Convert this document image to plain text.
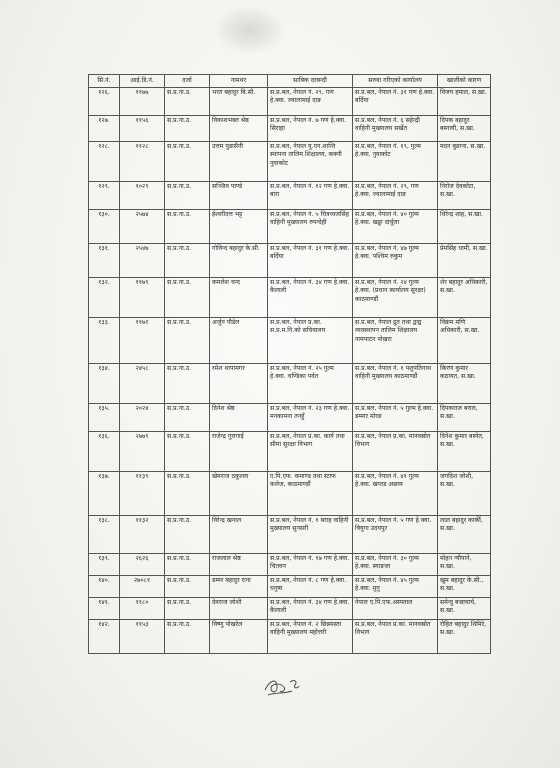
सि.नं.	आई.डि.नं.	दर्जा	नामथर	साबिक दरबन्दी	सरुवा गरिएको कार्यालय	खालीको कारण
१२६.	११७७	स.प्र.ना.उ.	भरत बहादुर बि.सी.	स.प्र.बल, नेपाल नं. २९, गण हे.क्वा. ज्वालामाई दाङ	स.प्र.बल, नेपाल नं. ३१ गण हे.क्वा. बर्दिया	विजय हमाल, स.खा.
१२७.	११५६	स.प्र.ना.उ.	विकाशभक्त श्रेष्ठ	स.प्र.बल, नेपाल नं. ७ गण हे.क्वा. सिराहा	स.प्र.बल, नेपाल नं. ६ सहेन्द्री वाहिनी मुख्यालय सर्खेत	दिपक बहादुर बस्नायी, स.खा.
१२८.	११२८	स.प्र.ना.उ.	उत्तम पुडासैनी	स.प्र.बल, नेपाल यु.एन.शान्ति स्थापना तालिम शिक्षालय, कक्नी नुवाकोट	स.प्र.बल, नेपाल नं. १९, गुल्म हे.क्वा. नुवाकोट	मदन बुङाना, स.खा.
१२९.	१०२९	स.प्र.ना.उ.	सञ्जिव पाण्डे	स.प्र.बल, नेपाल नं. १२ गण हे.क्वा. बारा	स.प्र.बल, नेपाल नं. २९, गण हे.क्वा. ज्वालामाई दाङ	निरोज देवकोटा, स.खा.
१३०.	२५७४	स.प्र.ना.उ.	ईश्वरीदत्त भट्ट	स.प्र.बल, नेपाल नं. ५ चित्रध्वजसिंह वाहिनी मुख्यालय रुपन्देही	स.प्र.बल, नेपाल नं. ४० गुल्म हे.क्वा. खड्डा दार्चुला	धिरेन्द्र शाह, स.खा.
१३१.	२५४७	स.प्र.ना.उ.	गोविन्द बहादुर के.सी.	स.प्र.बल, नेपाल नं. ३१ गण हे.क्वा. बर्दिया	स.प्र.बल, नेपाल नं. ४७ गुल्म हे.क्वा. पश्चिम रुकुम	प्रेमसिंह धामी, स.खा.
१३२.	११७९	स.प्र.ना.उ.	कमलेश चन्द	स.प्र.बल, नेपाल नं. ३४ गण हे.क्वा. कैलाली	स.प्र.बल, नेपाल नं. २४ गुल्म हे.क्वा. (प्रधान कार्यालय सुरक्षा) काठमाण्डौं	शेर बहादुर अधिकारी, स.खा.
१३३.	११७२	स.प्र.ना.उ.	अर्जुन पौडेल	स.प्र.बल, नेपाल प्र.का. स.प्र.म.नि.को सचिवालय	स.प्र.बल, नेपाल द्रुत तथा द्वन्द्व व्यवस्थापन तालिम शिक्षालय नामपाटन पोखरा	विक्रम मणि अधिकारी, स.खा.
१३४.	२४५८	स.प्र.ना.उ.	रमेश थापामगर	स.प्र.बल, नेपाल नं. २५ गुल्म हे.क्वा. चण्डिका पर्वत	स.प्र.बल, नेपाल नं. १ पशुपतिनाथ वाहिनी मुख्यालय काठमाण्डौं	किरण कुमार कठायत, स.खा.
१३५.	२०२४	स.प्र.ना.उ.	दिनेश श्रेष्ठ	स.प्र.बल, नेपाल नं. २३ गण हे.क्वा. मनकामना तनहुँ	स.प्र.बल, नेपाल नं. ५ गुल्म हे.क्वा. डम्मार मोरङ	दिपकराज बराल, स.खा.
१३६.	२७७९	स.प्र.ना.उ.	राजेन्द्र गुरागाई	स.प्र.बल, नेपाल प्र.का. कार्य तथा सीमा सुरक्षा विभाग	स.प्र.बल, नेपाल प्र.का. मानवस्रोत विभाग	दिनेश कुमार बस्नेत, स.खा.
१३७.	११३९	स.प्र.ना.उ.	खेमराज ठकुल्ला	ए.पि.एफ. कमाण्ड तथा स्टाफ कलेज, काठमाण्डौं	स.प्र.बल, नेपाल नं. ४१ गुल्म हे.क्वा. खप्तड अछाम	जगदिश जोशी, स.खा.
१३८.	११३२	स.प्र.ना.उ.	विरेन्द्र खनाल	स.प्र.बल, नेपाल नं. १ बराह वाहिनी मुख्यालय सुनसरी	स.प्र.बल, नेपाल नं. ५ गण हे.क्वा. त्रियुगा उदयपुर	लाल बहादुर कार्की, स.खा.
१३९.	२६२६	स.प्र.ना.उ.	राजलाल श्रेष्ठ	स.प्र.बल, नेपाल नं. १७ गण हे.क्वा. चितवन	स.प्र.बल, नेपाल नं. ३० गुल्म हे.क्वा. स्याङजा	मोहन न्यौपाने, स.खा.
१४०.	२७०८१	स.प्र.ना.उ.	डम्मर बहादुर राना	स.प्र.बल, नेपाल नं. ८ गण हे.क्वा. धनुषा	स.प्र.बल, नेपाल नं. ४५ गुल्म हे.क्वा. मुगु	खुम बहादुर के.सी., स.खा.
१४१.	११८०	स.प्र.ना.उ.	देवराज जोशी	स.प्र.बल, नेपाल नं. ३४ गण हे.क्वा. कैलाली	नेपाल ए.पि.एफ.अस्पताल	समेन्दु बज्राचार्य, स.खा.
१४२.	११५३	स.प्र.ना.उ.	विष्णु पोखरेल	स.प्र.बल, नेपाल नं. २ छिन्नमस्ता वाहिनी मुख्यालय महोत्तरी	स.प्र.बल, नेपाल प्र.का. मानवस्रोत विभाग	रोहित बहादुर थिमिरे, स.खा.
